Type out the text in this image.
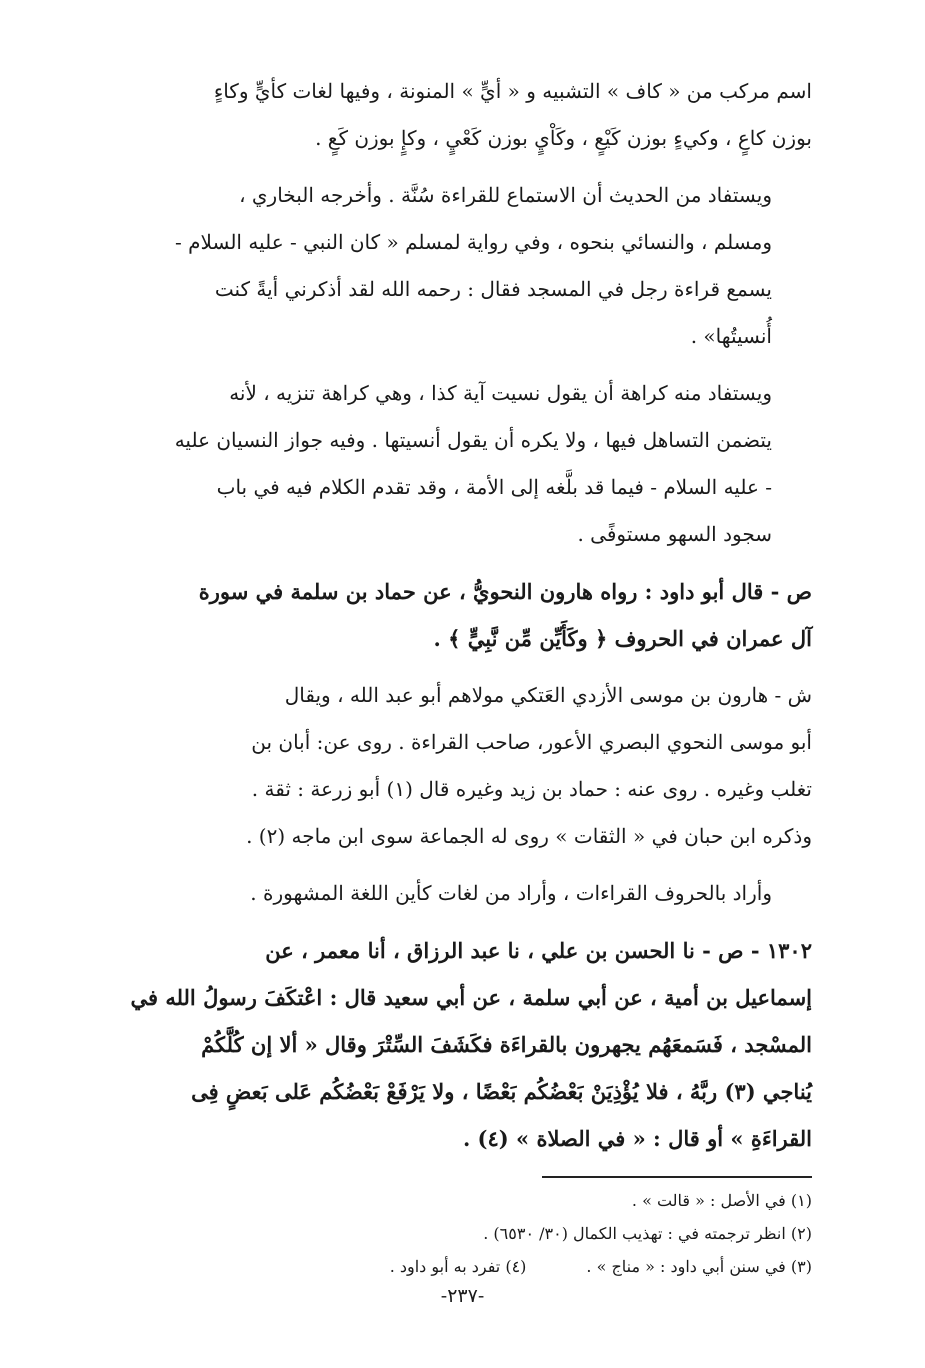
اسم مركب من « كاف » التشبيه و « أيٍّ » المنونة ، وفيها لغات كأيٍّ وكاءٍ
بوزن كاعٍ ، وكيءٍ بوزن كَيْعٍ ، وكَاْيٍ بوزن كَعْيٍ ، وكإٍ بوزن كَعٍ .
ويستفاد من الحديث أن الاستماع للقراءة سُنَّة . وأخرجه البخاري ،
ومسلم ، والنسائي بنحوه ، وفي رواية لمسلم « كان النبي - عليه السلام -
يسمع قراءة رجل في المسجد فقال : رحمه الله لقد أذكرني أيةً كنت
أُنسيتُها» .
ويستفاد منه كراهة أن يقول نسيت آية كذا ، وهي كراهة تنزيه ، لأنه
يتضمن التساهل فيها ، ولا يكره أن يقول أنسيتها . وفيه جواز النسيان عليه
- عليه السلام - فيما قد بلَّغه إلى الأمة ، وقد تقدم الكلام فيه في باب
سجود السهو مستوفًى .
ص - قال أبو داود : رواه هارون النحويُّ ، عن حماد بن سلمة في سورة
آل عمران في الحروف ﴿ وكَأَيِّن مِّن نَّبِيٍّ ﴾ .
ش - هارون بن موسى الأزدي العَتكي مولاهم أبو عبد الله ، ويقال
أبو موسى النحوي البصري الأعور، صاحب القراءة . روى عن: أبان بن
تغلب وغيره . روى عنه : حماد بن زيد وغيره قال (١) أبو زرعة : ثقة .
وذكره ابن حبان في « الثقات » روى له الجماعة سوى ابن ماجه (٢) .
وأراد بالحروف القراءات ، وأراد من لغات كأين اللغة المشهورة .
١٣٠٢ - ص - نا الحسن بن علي ، نا عبد الرزاق ، أنا معمر ، عن
إسماعيل بن أمية ، عن أبي سلمة ، عن أبي سعيد قال : اعْتكَفَ رسولُ الله في
المسْجد ، فَسَمعَهُم يجهرون بالقراءَة فكَشَفَ السِّتْرَ وقال « ألا إن كُلَّكُمْ
يُناجي (٣) ربَّهُ ، فلا يُؤْذِيَنْ بَعْضُكُم بَعْضًا ، ولا يَرْفَعْ بَعْضُكُم عَلى بَعضٍ فِى
القراءَةِ » أو قال : « في الصلاة » (٤) .
(١) في الأصل : « قالت » .
(٢) انظر ترجمته في : تهذيب الكمال (٣٠/ ٦٥٣٠) .
(٣) في سنن أبي داود : « مناج » .
(٤) تفرد به أبو داود .
-٢٣٧-
